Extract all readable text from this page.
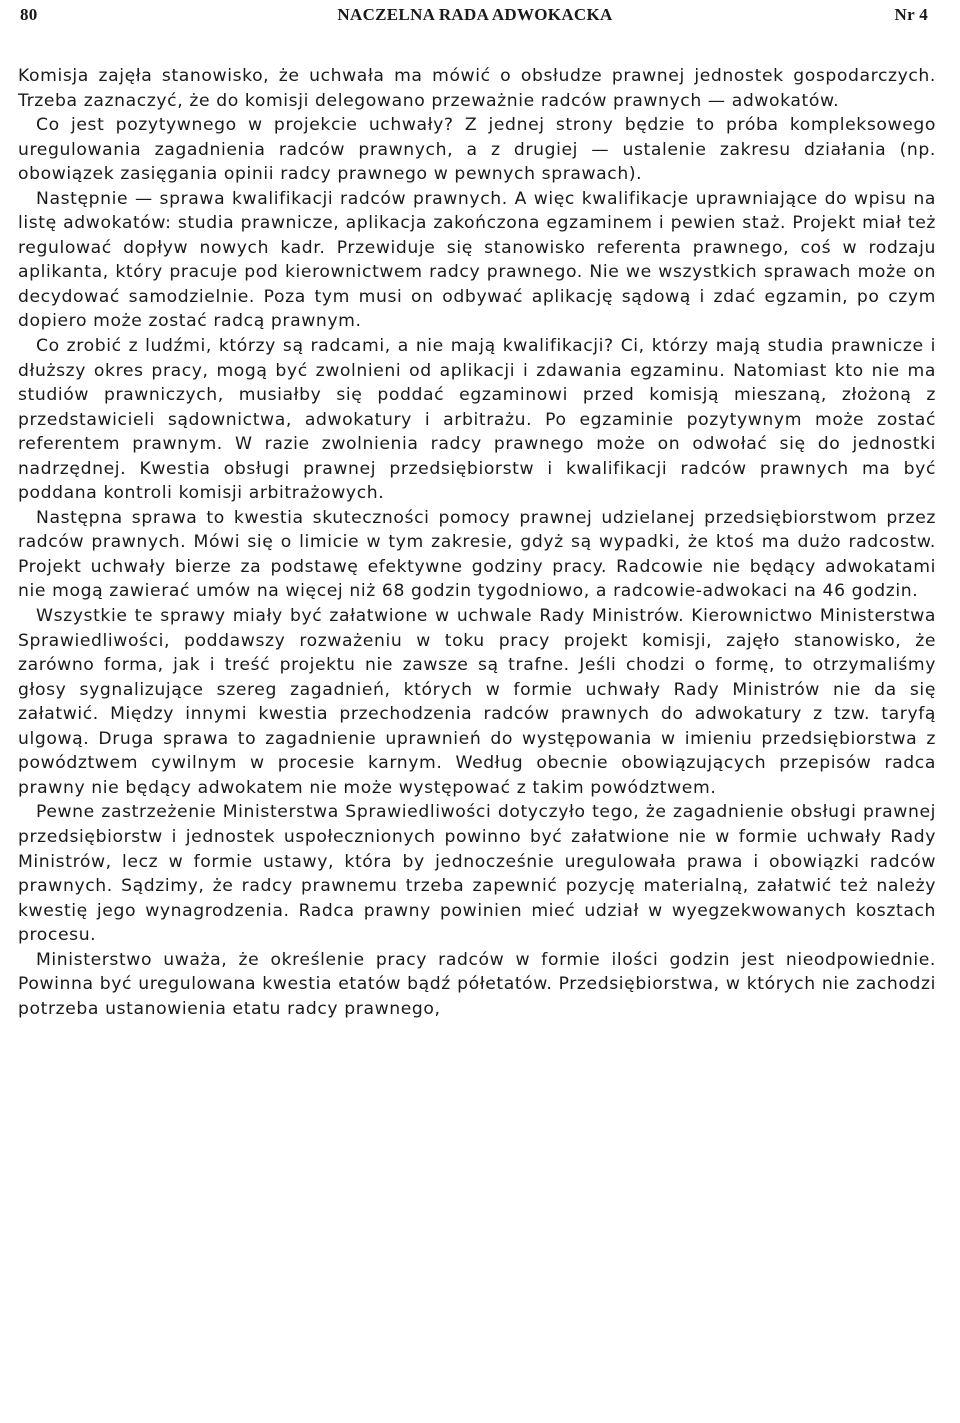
80	NACZELNA RADA ADWOKACKA	Nr 4

Komisja zajęła stanowisko, że uchwała ma mówić o obsłudze prawnej jednostek gospodarczych. Trzeba zaznaczyć, że do komisji delegowano przeważnie radców prawnych — adwokatów.

Co jest pozytywnego w projekcie uchwały? Z jednej strony będzie to próba kompleksowego uregulowania zagadnienia radców prawnych, a z drugiej — ustalenie zakresu działania (np. obowiązek zasięgania opinii radcy prawnego w pewnych sprawach).

Następnie — sprawa kwalifikacji radców prawnych. A więc kwalifikacje uprawniające do wpisu na listę adwokatów: studia prawnicze, aplikacja zakończona egzaminem i pewien staż. Projekt miał też regulować dopływ nowych kadr. Przewiduje się stanowisko referenta prawnego, coś w rodzaju aplikanta, który pracuje pod kierownictwem radcy prawnego. Nie we wszystkich sprawach może on decydować samodzielnie. Poza tym musi on odbywać aplikację sądową i zdać egzamin, po czym dopiero może zostać radcą prawnym.

Co zrobić z ludźmi, którzy są radcami, a nie mają kwalifikacji? Ci, którzy mają studia prawnicze i dłuższy okres pracy, mogą być zwolnieni od aplikacji i zdawania egzaminu. Natomiast kto nie ma studiów prawniczych, musiałby się poddać egzaminowi przed komisją mieszaną, złożoną z przedstawicieli sądownictwa, adwokatury i arbitrażu. Po egzaminie pozytywnym może zostać referentem prawnym. W razie zwolnienia radcy prawnego może on odwołać się do jednostki nadrzędnej. Kwestia obsługi prawnej przedsiębiorstw i kwalifikacji radców prawnych ma być poddana kontroli komisji arbitrażowych.

Następna sprawa to kwestia skuteczności pomocy prawnej udzielanej przedsiębiorstwom przez radców prawnych. Mówi się o limicie w tym zakresie, gdyż są wypadki, że ktoś ma dużo radcostw. Projekt uchwały bierze za podstawę efektywne godziny pracy. Radcowie nie będący adwokatami nie mogą zawierać umów na więcej niż 68 godzin tygodniowo, a radcowie-adwokaci na 46 godzin.

Wszystkie te sprawy miały być załatwione w uchwale Rady Ministrów. Kierownictwo Ministerstwa Sprawiedliwości, poddawszy rozważeniu w toku pracy projekt komisji, zajęło stanowisko, że zarówno forma, jak i treść projektu nie zawsze są trafne. Jeśli chodzi o formę, to otrzymaliśmy głosy sygnalizujące szereg zagadnień, których w formie uchwały Rady Ministrów nie da się załatwić. Między innymi kwestia przechodzenia radców prawnych do adwokatury z tzw. taryfą ulgową. Druga sprawa to zagadnienie uprawnień do występowania w imieniu przedsiębiorstwa z powództwem cywilnym w procesie karnym. Według obecnie obowiązujących przepisów radca prawny nie będący adwokatem nie może występować z takim powództwem.

Pewne zastrzeżenie Ministerstwa Sprawiedliwości dotyczyło tego, że zagadnienie obsługi prawnej przedsiębiorstw i jednostek uspołecznionych powinno być załatwione nie w formie uchwały Rady Ministrów, lecz w formie ustawy, która by jednocześnie uregulowała prawa i obowiązki radców prawnych. Sądzimy, że radcy prawnemu trzeba zapewnić pozycję materialną, załatwić też należy kwestię jego wynagrodzenia. Radca prawny powinien mieć udział w wyegzekwowanych kosztach procesu.

Ministerstwo uważa, że określenie pracy radców w formie ilości godzin jest nieodpowiednie. Powinna być uregulowana kwestia etatów bądź półetatów. Przedsiębiorstwa, w których nie zachodzi potrzeba ustanowienia etatu radcy prawnego,
